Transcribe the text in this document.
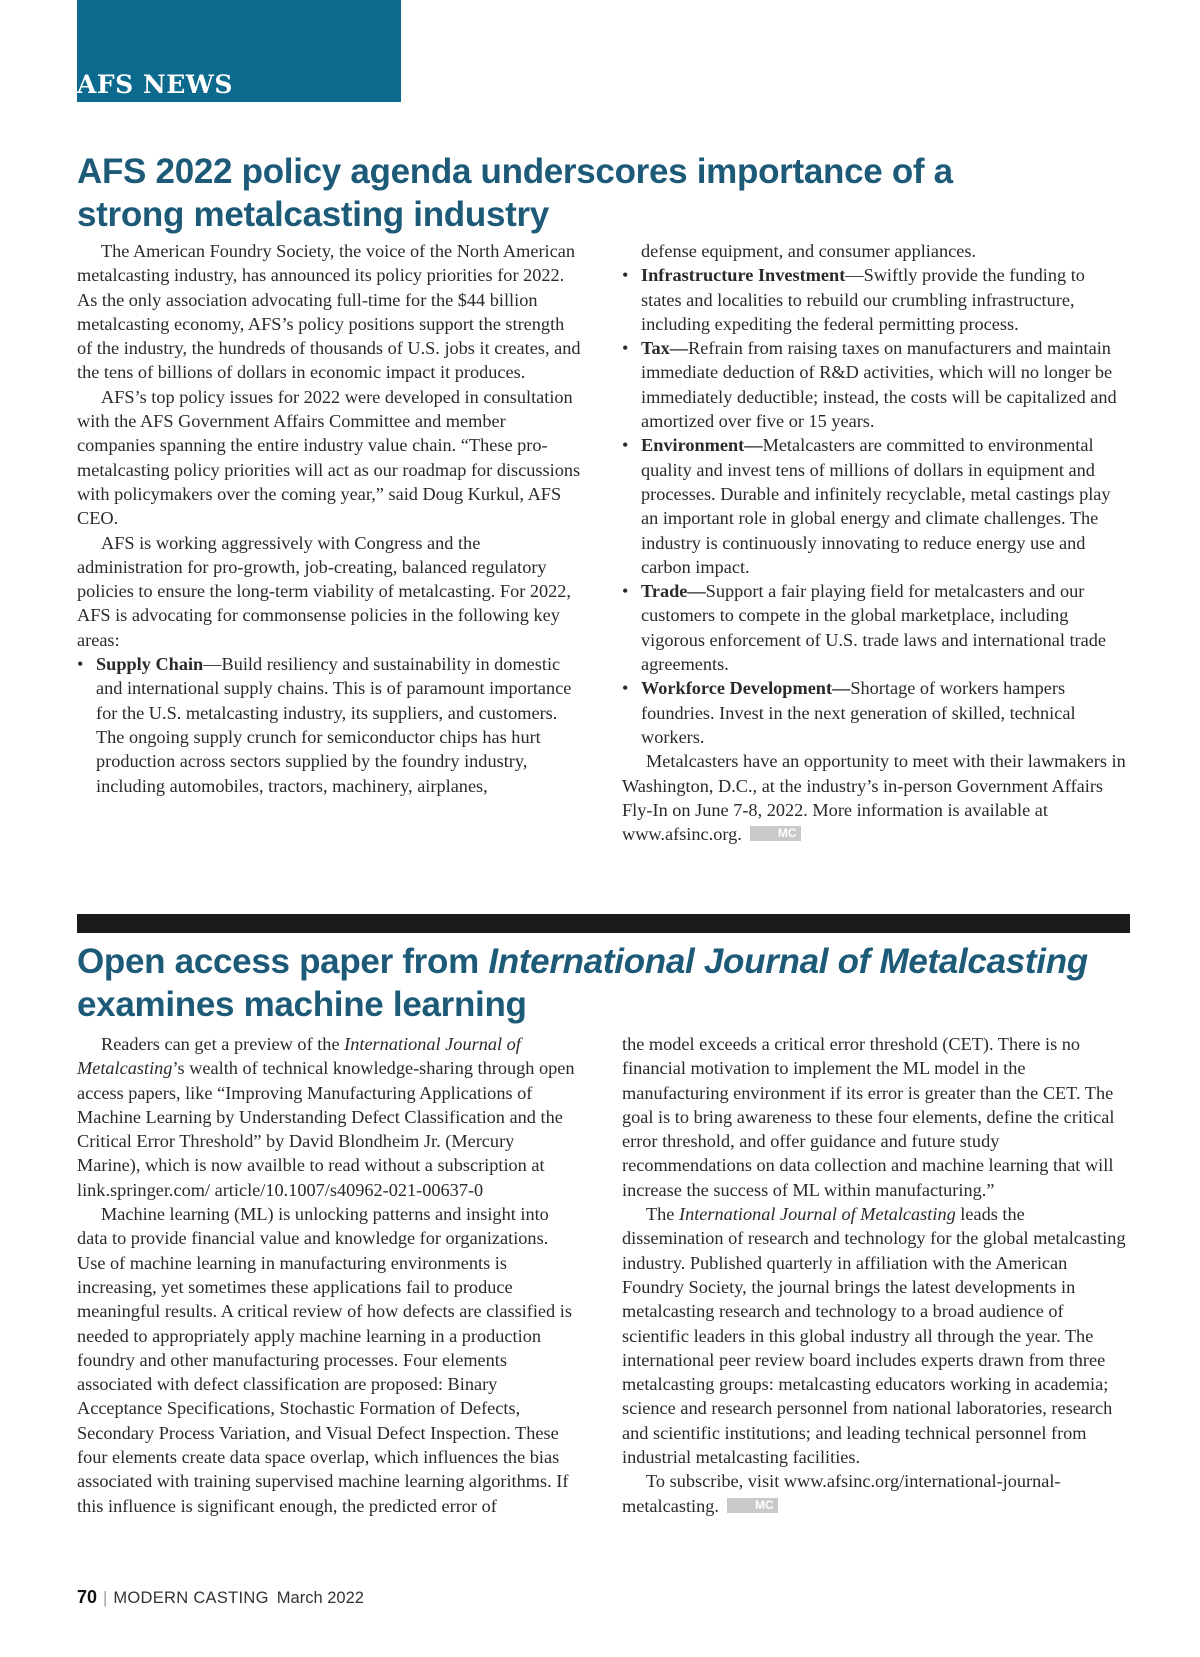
AFS NEWS
AFS 2022 policy agenda underscores importance of a
strong metalcasting industry

The American Foundry Society, the voice of the North American metalcasting industry, has announced its policy priorities for 2022. As the only association advocating full-time for the $44 billion metalcasting economy, AFS’s policy positions support the strength of the industry, the hundreds of thousands of U.S. jobs it creates, and the tens of billions of dollars in economic impact it produces.

AFS’s top policy issues for 2022 were developed in consultation with the AFS Government Affairs Committee and member companies spanning the entire industry value chain. “These pro-metalcasting policy priorities will act as our roadmap for discussions with policymakers over the coming year,” said Doug Kurkul, AFS CEO.

AFS is working aggressively with Congress and the administration for pro-growth, job-creating, balanced regulatory policies to ensure the long-term viability of metalcasting. For 2022, AFS is advocating for commonsense policies in the following key areas:

• Supply Chain—Build resiliency and sustainability in domestic and international supply chains. This is of paramount importance for the U.S. metalcasting industry, its suppliers, and customers. The ongoing supply crunch for semiconductor chips has hurt production across sectors supplied by the foundry industry, including automobiles, tractors, machinery, airplanes,

defense equipment, and consumer appliances.

• Infrastructure Investment—Swiftly provide the funding to states and localities to rebuild our crumbling infrastructure, including expediting the federal permitting process.
• Tax—Refrain from raising taxes on manufacturers and maintain immediate deduction of R&D activities, which will no longer be immediately deductible; instead, the costs will be capitalized and amortized over five or 15 years.
• Environment—Metalcasters are committed to environmental quality and invest tens of millions of dollars in equipment and processes. Durable and infinitely recyclable, metal castings play an important role in global energy and climate challenges. The industry is continuously innovating to reduce energy use and carbon impact.
• Trade—Support a fair playing field for metalcasters and our customers to compete in the global marketplace, including vigorous enforcement of U.S. trade laws and international trade agreements.
• Workforce Development—Shortage of workers hampers foundries. Invest in the next generation of skilled, technical workers.

Metalcasters have an opportunity to meet with their lawmakers in Washington, D.C., at the industry’s in-person Government Affairs Fly-In on June 7-8, 2022. More information is available at www.afsinc.org.	MC

Open access paper from International Journal of Metalcasting
examines machine learning

Readers can get a preview of the International Journal of Metalcasting’s wealth of technical knowledge-sharing through open access papers, like “Improving Manufacturing Applications of Machine Learning by Understanding Defect Classification and the Critical Error Threshold” by David Blondheim Jr. (Mercury Marine), which is now availble to read without a subscription at link.springer.com/ article/10.1007/s40962-021-00637-0

Machine learning (ML) is unlocking patterns and insight into data to provide financial value and knowledge for organizations. Use of machine learning in manufacturing environments is increasing, yet sometimes these applications fail to produce meaningful results. A critical review of how defects are classified is needed to appropriately apply machine learning in a production foundry and other manufacturing processes. Four elements associated with defect classification are proposed: Binary Acceptance Specifications, Stochastic Formation of Defects, Secondary Process Variation, and Visual Defect Inspection. These four elements create data space overlap, which influences the bias associated with training supervised machine learning algorithms. If this influence is significant enough, the predicted error of

the model exceeds a critical error threshold (CET). There is no financial motivation to implement the ML model in the manufacturing environment if its error is greater than the CET. The goal is to bring awareness to these four elements, define the critical error threshold, and offer guidance and future study recommendations on data collection and machine learning that will increase the success of ML within manufacturing.”

The International Journal of Metalcasting leads the dissemination of research and technology for the global metalcasting industry. Published quarterly in affiliation with the American Foundry Society, the journal brings the latest developments in metalcasting research and technology to a broad audience of scientific leaders in this global industry all through the year. The international peer review board includes experts drawn from three metalcasting groups: metalcasting educators working in academia; science and research personnel from national laboratories, research and scientific institutions; and leading technical personnel from industrial metalcasting facilities.

To subscribe, visit www.afsinc.org/international-journal-metalcasting.	MC

70 | MODERN CASTING March 2022
